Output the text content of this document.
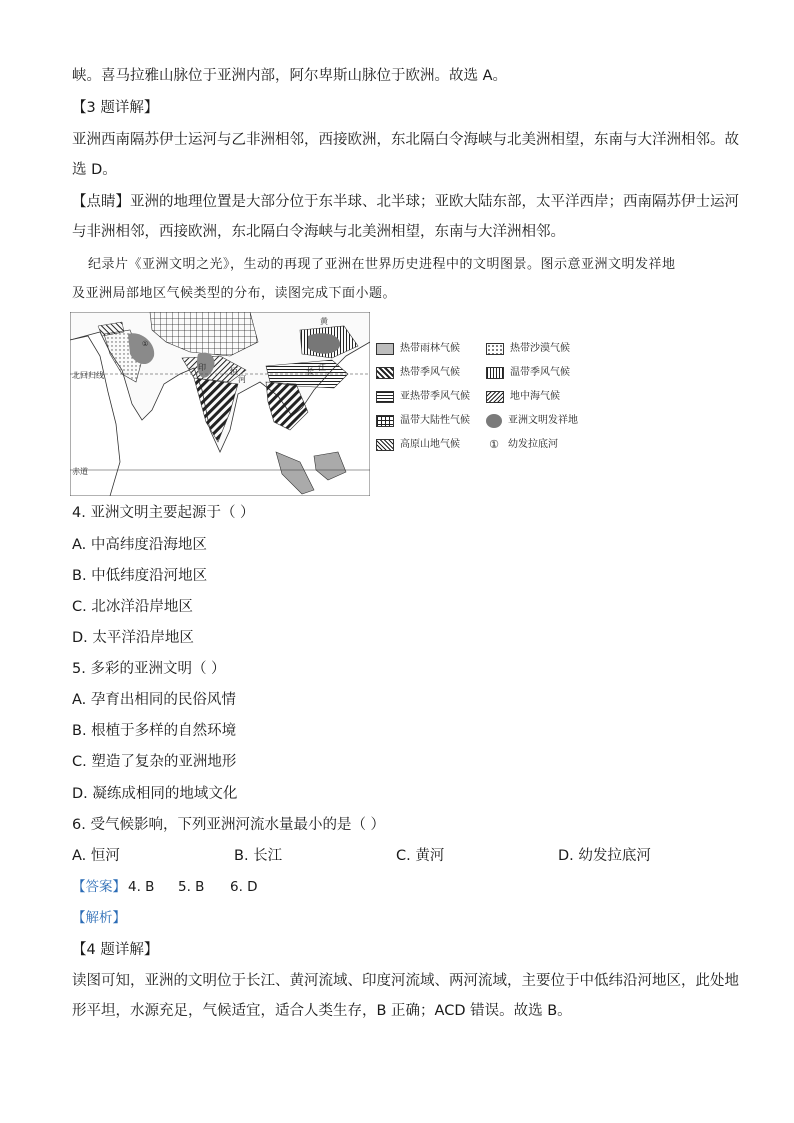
峡。喜马拉雅山脉位于亚洲内部，阿尔卑斯山脉位于欧洲。故选 A。
【3 题详解】
亚洲西南隔苏伊士运河与乙非洲相邻，西接欧洲，东北隔白令海峡与北美洲相望，东南与大洋洲相邻。故
选 D。
【点睛】亚洲的地理位置是大部分位于东半球、北半球；亚欧大陆东部，太平洋西岸；西南隔苏伊士运河
与非洲相邻，西接欧洲，东北隔白令海峡与北美洲相望，东南与大洋洲相邻。
纪录片《亚洲文明之光》，生动的再现了亚洲在世界历史进程中的文明图景。图示意亚洲文明发祥地
及亚洲局部地区气候类型的分布，读图完成下面小题。
北回归线
赤道
①
印	恒
河
黄
长 江
热带雨林气候	热带沙漠气候
热带季风气候	温带季风气候
亚热带季风气候	地中海气候
温带大陆性气候	亚洲文明发祥地
高原山地气候	① 幼发拉底河
4. 亚洲文明主要起源于（ ）
A. 中高纬度沿海地区
B. 中低纬度沿河地区
C. 北冰洋沿岸地区
D. 太平洋沿岸地区
5. 多彩的亚洲文明（ ）
A. 孕育出相同的民俗风情
B. 根植于多样的自然环境
C. 塑造了复杂的亚洲地形
D. 凝练成相同的地域文化
6. 受气候影响，下列亚洲河流水量最小的是（ ）
A. 恒河	B. 长江	C. 黄河	D. 幼发拉底河
【答案】 4. B 5. B 6. D
【解析】
【4 题详解】
读图可知，亚洲的文明位于长江、黄河流域、印度河流域、两河流域，主要位于中低纬沿河地区，此处地
形平坦，水源充足，气候适宜，适合人类生存，B 正确；ACD 错误。故选 B。
